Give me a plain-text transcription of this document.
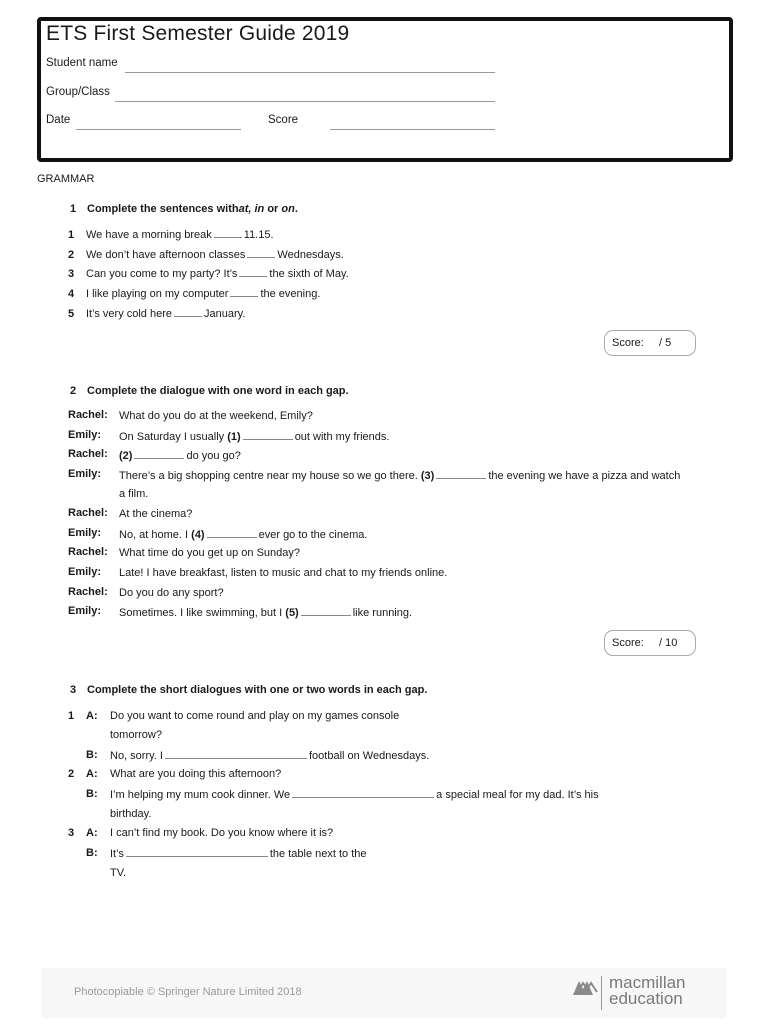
ETS First Semester Guide 2019
Student name
Group/Class
Date	Score
GRAMMAR
1 Complete the sentences withat, in or on.
1 We have a morning break	11.15.
2 We don’t have afternoon classes	Wednesdays.
3 Can you come to my party? It’s	the sixth of May.
4 I like playing on my computer	the evening.
5 It’s very cold here	January.
Score: / 5
2 Complete the dialogue with one word in each gap.
Rachel: What do you do at the weekend, Emily?
Emily: On Saturday I usually (1)	out with my friends.
Rachel: (2)	do you go?
Emily: There’s a big shopping centre near my house so we go there. (3)	the evening we have a pizza and watch
a film.
Rachel: At the cinema?
Emily: No, at home. I (4)	ever go to the cinema.
Rachel: What time do you get up on Sunday?
Emily: Late! I have breakfast, listen to music and chat to my friends online.
Rachel: Do you do any sport?
Emily: Sometimes. I like swimming, but I (5)	like running.
Score: / 10
3 Complete the short dialogues with one or two words in each gap.
1 A: Do you want to come round and play on my games console
tomorrow?
B: No, sorry. I	football on Wednesdays.
2 A: What are you doing this afternoon?
B: I’m helping my mum cook dinner. We	a special meal for my dad. It’s his
birthday.
3 A: I can’t find my book. Do you know where it is?
B: It’s	the table next to the
TV.
Photocopiable © Springer Nature Limited 2018	macmillan
education
